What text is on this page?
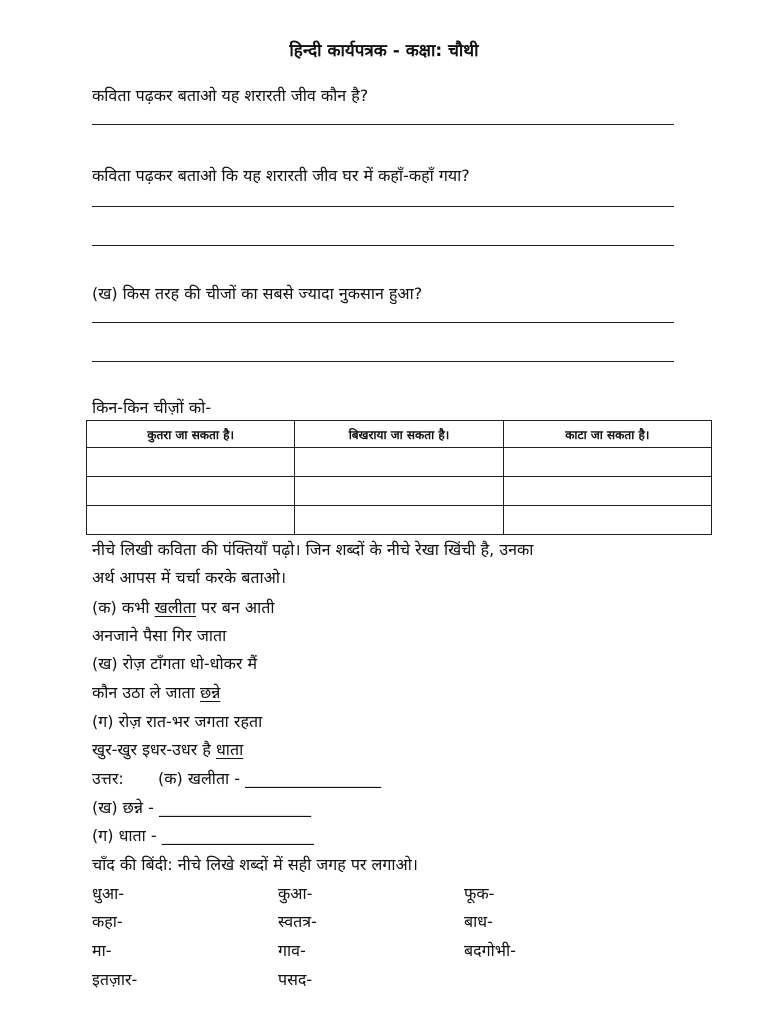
हिन्दी कार्यपत्रक - कक्षा: चौथी
कविता पढ़कर बताओ यह शरारती जीव कौन है?
कविता पढ़कर बताओ कि यह शरारती जीव घर में कहाँ-कहाँ गया?
(ख) किस तरह की चीजों का सबसे ज्यादा नुकसान हुआ?
किन-किन चीज़ों को-
कुतरा जा सकता है।	बिखराया जा सकता है।	काटा जा सकता है।

नीचे लिखी कविता की पंक्तियाँ पढ़ो। जिन शब्दों के नीचे रेखा खिंची है, उनका
अर्थ आपस में चर्चा करके बताओ।
(क) कभी खलीता पर बन आती
अनजाने पैसा गिर जाता
(ख) रोज़ टाँगता धो-धोकर मैं
कौन उठा ले जाता छन्ने
(ग) रोज़ रात-भर जगता रहता
खुर-खुर इधर-उधर है धाता
उत्तर: (क) खलीता - _________________
(ख) छन्ने - ___________________
(ग) धाता - ___________________
चाँद की बिंदी: नीचे लिखे शब्दों में सही जगह पर लगाओ।
धुआ-	कुआ-	फूक-
कहा-	स्वतत्र-	बाध-
मा-	गाव-	बदगोभी-
इतज़ार-	पसद-
